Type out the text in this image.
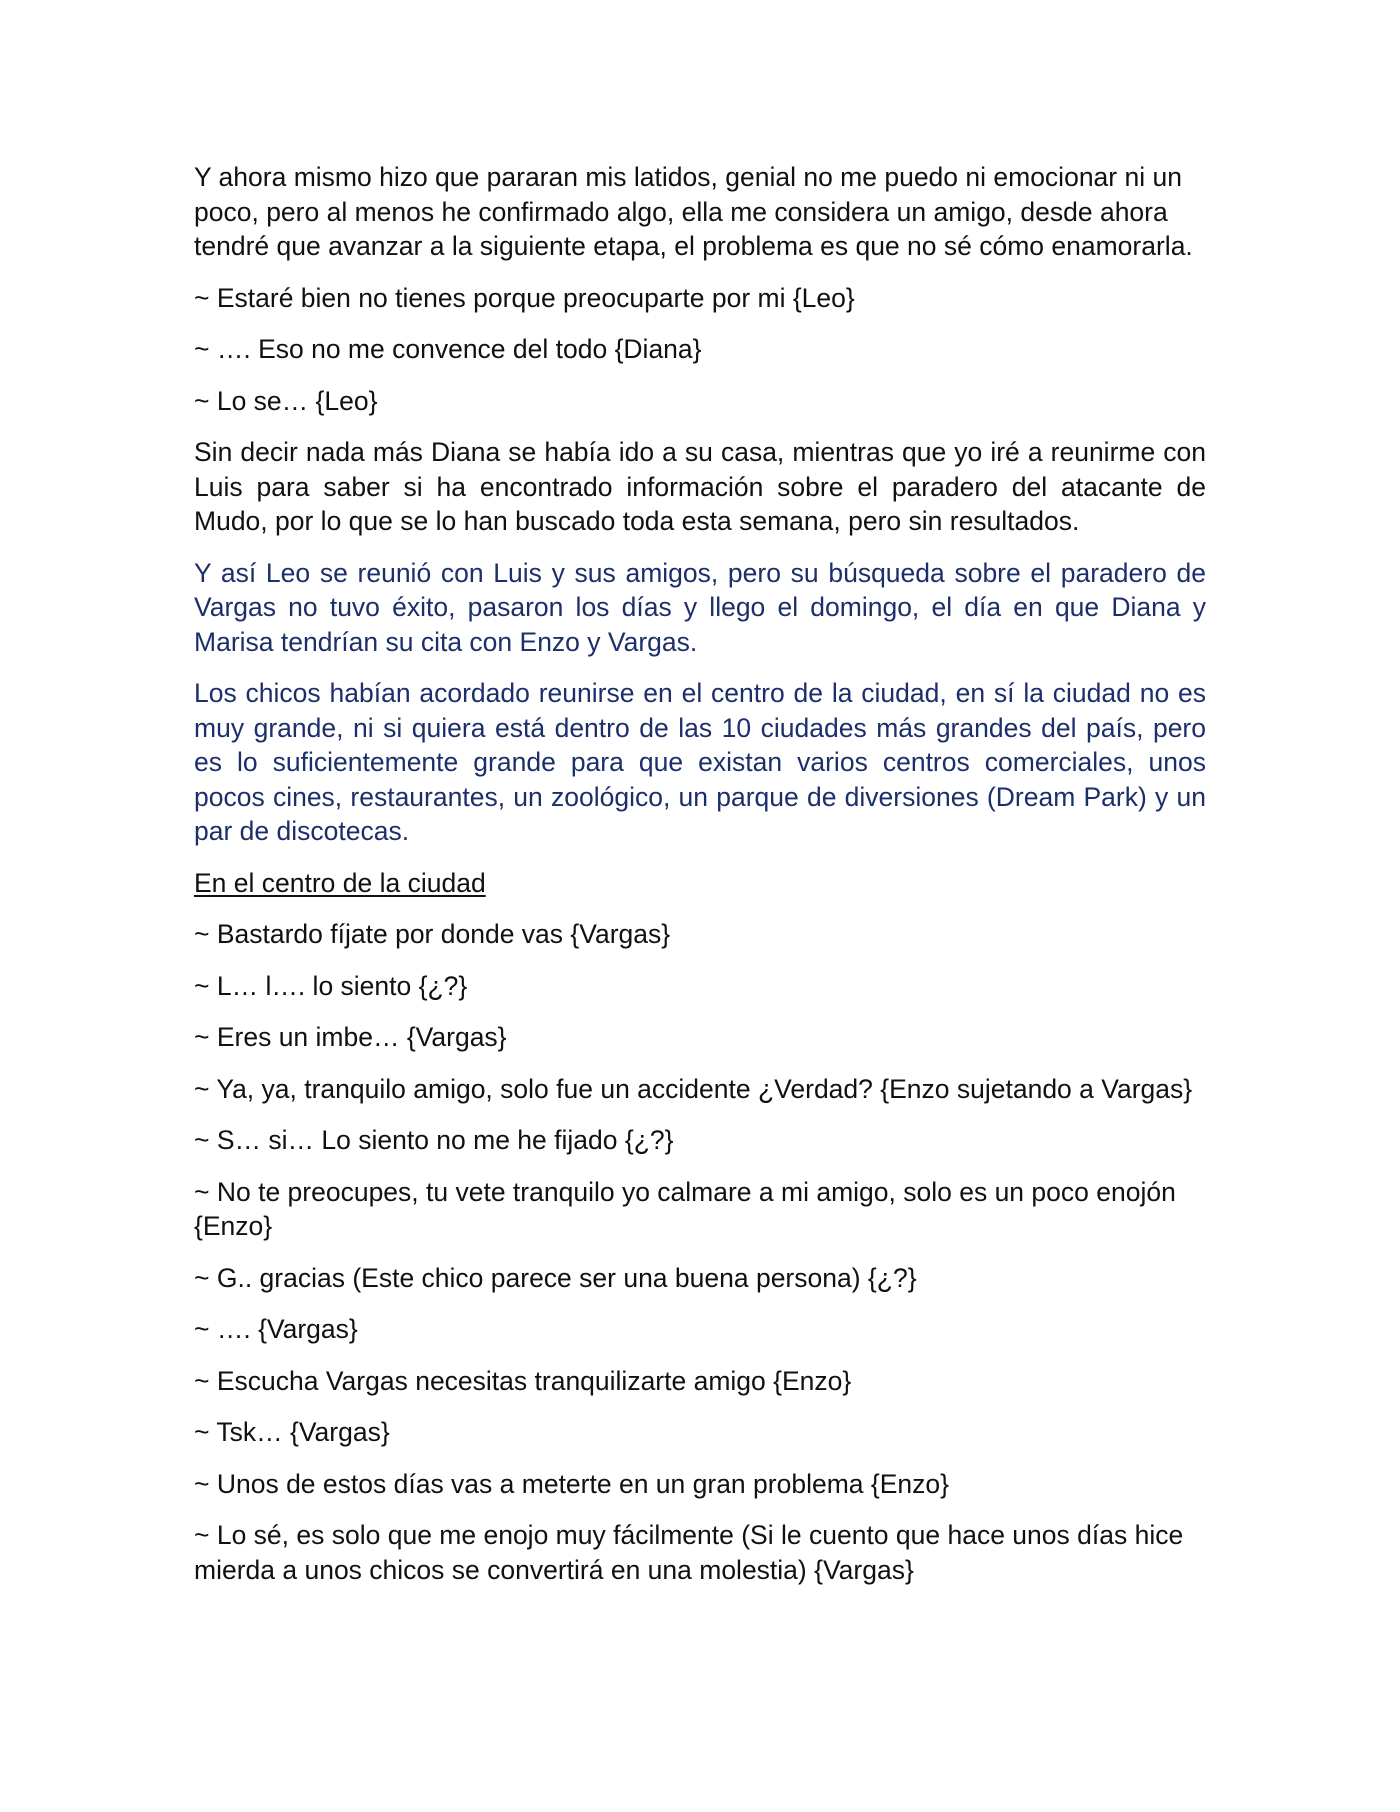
Y ahora mismo hizo que pararan mis latidos, genial no me puedo ni emocionar ni un poco, pero al menos he confirmado algo, ella me considera un amigo, desde ahora tendré que avanzar a la siguiente etapa, el problema es que no sé cómo enamorarla.

~ Estaré bien no tienes porque preocuparte por mi {Leo}

~ …. Eso no me convence del todo {Diana}

~ Lo se… {Leo}

Sin decir nada más Diana se había ido a su casa, mientras que yo iré a reunirme con Luis para saber si ha encontrado información sobre el paradero del atacante de Mudo, por lo que se lo han buscado toda esta semana, pero sin resultados.

Y así Leo se reunió con Luis y sus amigos, pero su búsqueda sobre el paradero de Vargas no tuvo éxito, pasaron los días y llego el domingo, el día en que Diana y Marisa tendrían su cita con Enzo y Vargas.

Los chicos habían acordado reunirse en el centro de la ciudad, en sí la ciudad no es muy grande, ni si quiera está dentro de las 10 ciudades más grandes del país, pero es lo suficientemente grande para que existan varios centros comerciales, unos pocos cines, restaurantes, un zoológico, un parque de diversiones (Dream Park) y un par de discotecas.

En el centro de la ciudad

~ Bastardo fíjate por donde vas {Vargas}

~ L… l…. lo siento {¿?}

~ Eres un imbe… {Vargas}

~ Ya, ya, tranquilo amigo, solo fue un accidente ¿Verdad? {Enzo sujetando a Vargas}

~ S… si… Lo siento no me he fijado {¿?}

~ No te preocupes, tu vete tranquilo yo calmare a mi amigo, solo es un poco enojón {Enzo}

~ G.. gracias (Este chico parece ser una buena persona) {¿?}

~ …. {Vargas}

~ Escucha Vargas necesitas tranquilizarte amigo {Enzo}

~ Tsk… {Vargas}

~ Unos de estos días vas a meterte en un gran problema {Enzo}

~ Lo sé, es solo que me enojo muy fácilmente (Si le cuento que hace unos días hice mierda a unos chicos se convertirá en una molestia) {Vargas}
